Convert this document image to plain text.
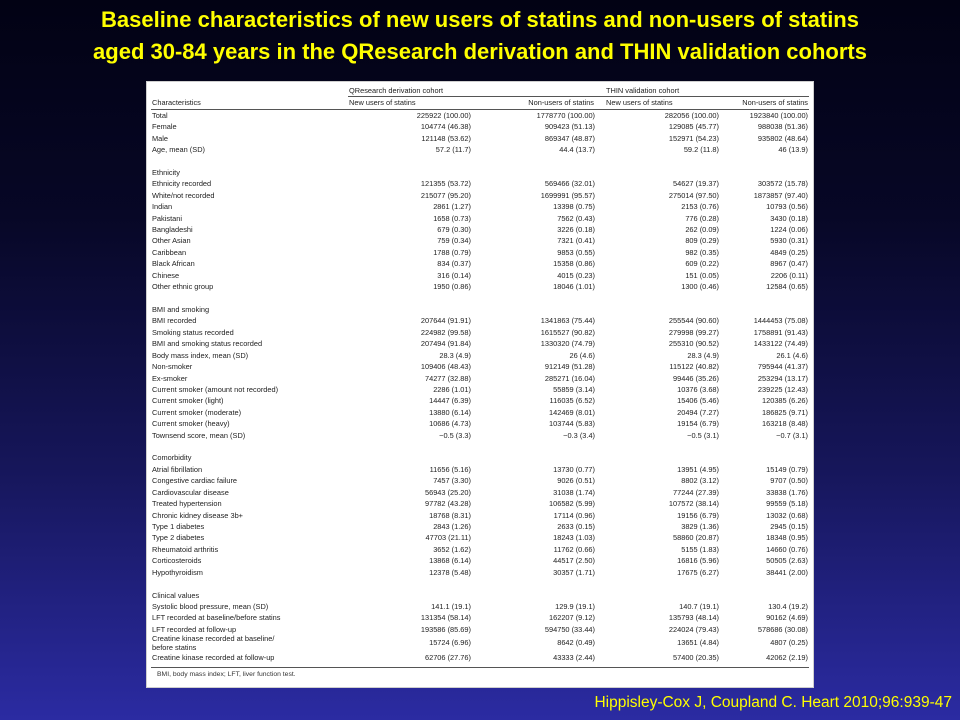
Baseline characteristics of new users of statins and non-users of statins
aged 30-84 years in the QResearch derivation and THIN validation cohorts
	QResearch derivation cohort		THIN validation cohort	
Characteristics	New users of statins	Non-users of statins	New users of statins	Non-users of statins
Total	225922 (100.00)	1778770 (100.00)	282056 (100.00)	1923840 (100.00)
Female	104774 (46.38)	909423 (51.13)	129085 (45.77)	988038 (51.36)
Male	121148 (53.62)	869347 (48.87)	152971 (54.23)	935802 (48.64)
Age, mean (SD)	57.2 (11.7)	44.4 (13.7)	59.2 (11.8)	46 (13.9)

Ethnicity				
Ethnicity recorded	121355 (53.72)	569466 (32.01)	54627 (19.37)	303572 (15.78)
White/not recorded	215077 (95.20)	1699991 (95.57)	275014 (97.50)	1873857 (97.40)
Indian	2861 (1.27)	13398 (0.75)	2153 (0.76)	10793 (0.56)
Pakistani	1658 (0.73)	7562 (0.43)	776 (0.28)	3430 (0.18)
Bangladeshi	679 (0.30)	3226 (0.18)	262 (0.09)	1224 (0.06)
Other Asian	759 (0.34)	7321 (0.41)	809 (0.29)	5930 (0.31)
Caribbean	1788 (0.79)	9853 (0.55)	982 (0.35)	4849 (0.25)
Black African	834 (0.37)	15358 (0.86)	609 (0.22)	8967 (0.47)
Chinese	316 (0.14)	4015 (0.23)	151 (0.05)	2206 (0.11)
Other ethnic group	1950 (0.86)	18046 (1.01)	1300 (0.46)	12584 (0.65)

BMI and smoking				
BMI recorded	207644 (91.91)	1341863 (75.44)	255544 (90.60)	1444453 (75.08)
Smoking status recorded	224982 (99.58)	1615527 (90.82)	279998 (99.27)	1758891 (91.43)
BMI and smoking status recorded	207494 (91.84)	1330320 (74.79)	255310 (90.52)	1433122 (74.49)
Body mass index, mean (SD)	28.3 (4.9)	26 (4.6)	28.3 (4.9)	26.1 (4.6)
Non-smoker	109406 (48.43)	912149 (51.28)	115122 (40.82)	795944 (41.37)
Ex-smoker	74277 (32.88)	285271 (16.04)	99446 (35.26)	253294 (13.17)
Current smoker (amount not recorded)	2286 (1.01)	55859 (3.14)	10376 (3.68)	239225 (12.43)
Current smoker (light)	14447 (6.39)	116035 (6.52)	15406 (5.46)	120385 (6.26)
Current smoker (moderate)	13880 (6.14)	142469 (8.01)	20494 (7.27)	186825 (9.71)
Current smoker (heavy)	10686 (4.73)	103744 (5.83)	19154 (6.79)	163218 (8.48)
Townsend score, mean (SD)	−0.5 (3.3)	−0.3 (3.4)	−0.5 (3.1)	−0.7 (3.1)

Comorbidity				
Atrial fibrillation	11656 (5.16)	13730 (0.77)	13951 (4.95)	15149 (0.79)
Congestive cardiac failure	7457 (3.30)	9026 (0.51)	8802 (3.12)	9707 (0.50)
Cardiovascular disease	56943 (25.20)	31038 (1.74)	77244 (27.39)	33838 (1.76)
Treated hypertension	97782 (43.28)	106582 (5.99)	107572 (38.14)	99559 (5.18)
Chronic kidney disease 3b+	18768 (8.31)	17114 (0.96)	19156 (6.79)	13032 (0.68)
Type 1 diabetes	2843 (1.26)	2633 (0.15)	3829 (1.36)	2945 (0.15)
Type 2 diabetes	47703 (21.11)	18243 (1.03)	58860 (20.87)	18348 (0.95)
Rheumatoid arthritis	3652 (1.62)	11762 (0.66)	5155 (1.83)	14660 (0.76)
Corticosteroids	13868 (6.14)	44517 (2.50)	16816 (5.96)	50505 (2.63)
Hypothyroidism	12378 (5.48)	30357 (1.71)	17675 (6.27)	38441 (2.00)

Clinical values				
Systolic blood pressure, mean (SD)	141.1 (19.1)	129.9 (19.1)	140.7 (19.1)	130.4 (19.2)
LFT recorded at baseline/before statins	131354 (58.14)	162207 (9.12)	135793 (48.14)	90162 (4.69)
LFT recorded at follow-up	193586 (85.69)	594750 (33.44)	224024 (79.43)	578686 (30.08)
Creatine kinase recorded at baseline/
before statins	15724 (6.96)	8642 (0.49)	13651 (4.84)	4807 (0.25)
Creatine kinase recorded at follow-up	62706 (27.76)	43333 (2.44)	57400 (20.35)	42062 (2.19)
BMI, body mass index; LFT, liver function test.

Hippisley-Cox J, Coupland C. Heart 2010;96:939-47
